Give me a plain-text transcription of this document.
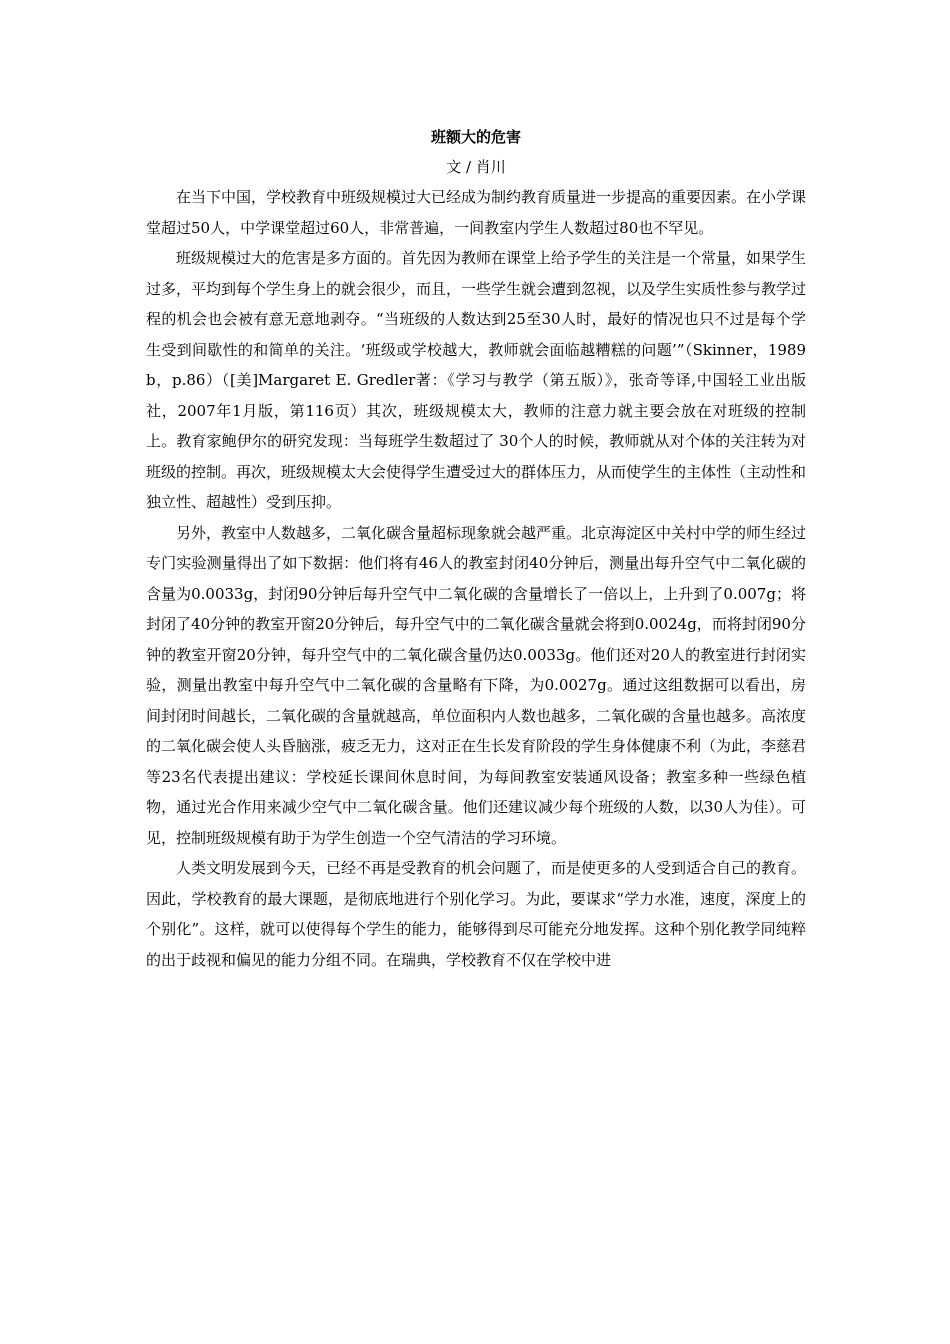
班额大的危害

文 / 肖川

在当下中国，学校教育中班级规模过大已经成为制约教育质量进一步提高的重要因素。在小学课堂超过50人，中学课堂超过60人，非常普遍，一间教室内学生人数超过80也不罕见。

班级规模过大的危害是多方面的。首先因为教师在课堂上给予学生的关注是一个常量，如果学生过多，平均到每个学生身上的就会很少，而且，一些学生就会遭到忽视，以及学生实质性参与教学过程的机会也会被有意无意地剥夺。“当班级的人数达到25至30人时，最好的情况也只不过是每个学生受到间歇性的和简单的关注。‘班级或学校越大，教师就会面临越糟糕的问题’”（Skinner，1989b，p.86）（[美]Margaret E. Gredler著：《学习与教学（第五版）》，张奇等译,中国轻工业出版社，2007年1月版，第116页）其次，班级规模太大，教师的注意力就主要会放在对班级的控制上。教育家鲍伊尔的研究发现：当每班学生数超过了 30个人的时候，教师就从对个体的关注转为对班级的控制。再次，班级规模太大会使得学生遭受过大的群体压力，从而使学生的主体性（主动性和独立性、超越性）受到压抑。

另外，教室中人数越多，二氧化碳含量超标现象就会越严重。北京海淀区中关村中学的师生经过专门实验测量得出了如下数据：他们将有46人的教室封闭40分钟后，测量出每升空气中二氧化碳的含量为0.0033g，封闭90分钟后每升空气中二氧化碳的含量增长了一倍以上，上升到了0.007g；将封闭了40分钟的教室开窗20分钟后，每升空气中的二氧化碳含量就会将到0.0024g，而将封闭90分钟的教室开窗20分钟，每升空气中的二氧化碳含量仍达0.0033g。他们还对20人的教室进行封闭实验，测量出教室中每升空气中二氧化碳的含量略有下降，为0.0027g。通过这组数据可以看出，房间封闭时间越长，二氧化碳的含量就越高，单位面积内人数也越多，二氧化碳的含量也越多。高浓度的二氧化碳会使人头昏脑涨，疲乏无力，这对正在生长发育阶段的学生身体健康不利（为此，李慈君等23名代表提出建议：学校延长课间休息时间，为每间教室安装通风设备；教室多种一些绿色植物，通过光合作用来减少空气中二氧化碳含量。他们还建议减少每个班级的人数，以30人为佳）。可见，控制班级规模有助于为学生创造一个空气清洁的学习环境。

人类文明发展到今天，已经不再是受教育的机会问题了，而是使更多的人受到适合自己的教育。因此，学校教育的最大课题，是彻底地进行个别化学习。为此，要谋求“学力水准，速度，深度上的个别化”。这样，就可以使得每个学生的能力，能够得到尽可能充分地发挥。这种个别化教学同纯粹的出于歧视和偏见的能力分组不同。在瑞典，学校教育不仅在学校中进
